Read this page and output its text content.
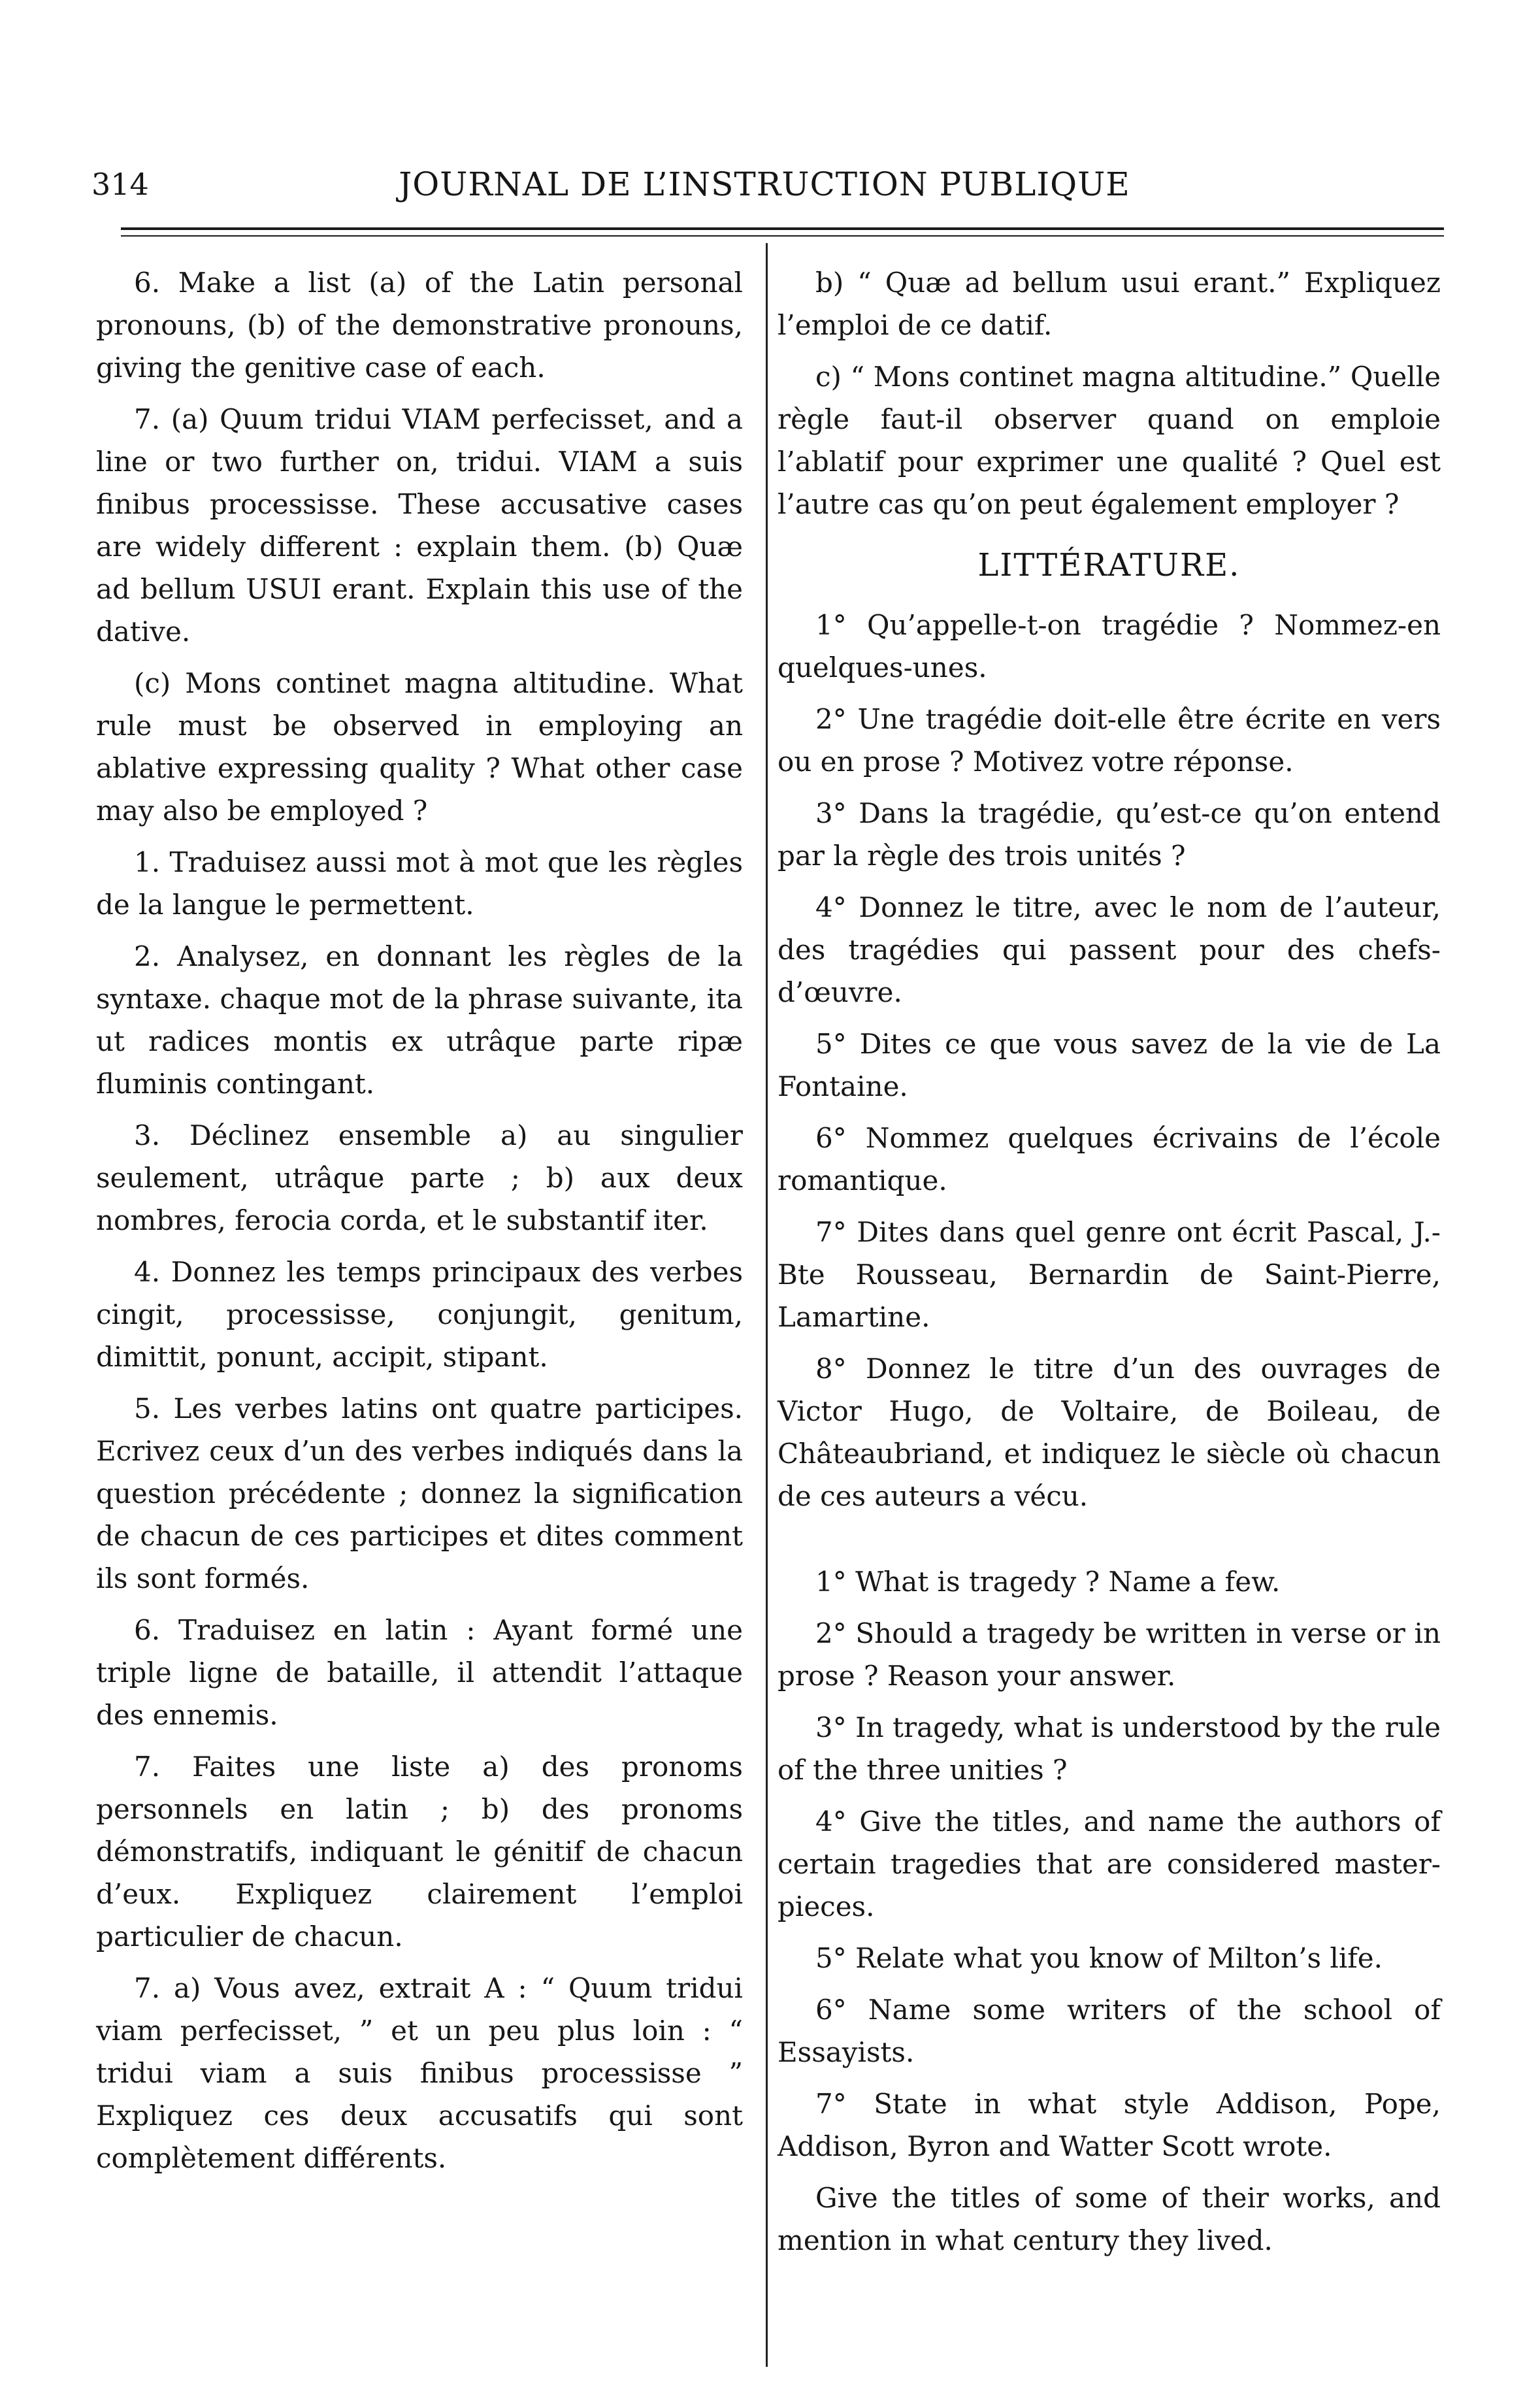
314	JOURNAL DE L’INSTRUCTION PUBLIQUE

6. Make a list (a) of the Latin personal pronouns, (b) of the demonstrative pronouns, giving the genitive case of each.

7. (a) Quum tridui VIAM perfecisset, and a line or two further on, tridui. VIAM a suis finibus processisse. These accusative cases are widely different : explain them. (b) Quæ ad bellum USUI erant. Explain this use of the dative.

(c) Mons continet magna altitudine. What rule must be observed in employing an ablative expressing quality ? What other case may also be employed ?

1. Traduisez aussi mot à mot que les règles de la langue le permettent.

2. Analysez, en donnant les règles de la syntaxe. chaque mot de la phrase suivante, ita ut radices montis ex utrâque parte ripæ fluminis contingant.

3. Déclinez ensemble a) au singulier seulement, utrâque parte ; b) aux deux nombres, ferocia corda, et le substantif iter.

4. Donnez les temps principaux des verbes cingit, processisse, conjungit, genitum, dimittit, ponunt, accipit, stipant.

5. Les verbes latins ont quatre participes. Ecrivez ceux d’un des verbes indiqués dans la question précédente ; donnez la signification de chacun de ces participes et dites comment ils sont formés.

6. Traduisez en latin : Ayant formé une triple ligne de bataille, il attendit l’attaque des ennemis.

7. Faites une liste a) des pronoms personnels en latin ; b) des pronoms démonstratifs, indiquant le génitif de chacun d’eux. Expliquez clairement l’emploi particulier de chacun.

7. a) Vous avez, extrait A : “ Quum tridui viam perfecisset, ” et un peu plus loin : “ tridui viam a suis finibus processisse ” Expliquez ces deux accusatifs qui sont complètement différents.

b) “ Quæ ad bellum usui erant.” Expliquez l’emploi de ce datif.

c) “ Mons continet magna altitudine.” Quelle règle faut-il observer quand on emploie l’ablatif pour exprimer une qualité ? Quel est l’autre cas qu’on peut également employer ?

LITTÉRATURE.

1° Qu’appelle-t-on tragédie ? Nommez-en quelques-unes.

2° Une tragédie doit-elle être écrite en vers ou en prose ? Motivez votre réponse.

3° Dans la tragédie, qu’est-ce qu’on entend par la règle des trois unités ?

4° Donnez le titre, avec le nom de l’auteur, des tragédies qui passent pour des chefs-d’œuvre.

5° Dites ce que vous savez de la vie de La Fontaine.

6° Nommez quelques écrivains de l’école romantique.

7° Dites dans quel genre ont écrit Pascal, J.-Bte Rousseau, Bernardin de Saint-Pierre, Lamartine.

8° Donnez le titre d’un des ouvrages de Victor Hugo, de Voltaire, de Boileau, de Châteaubriand, et indiquez le siècle où chacun de ces auteurs a vécu.

1° What is tragedy ? Name a few.

2° Should a tragedy be written in verse or in prose ? Reason your answer.

3° In tragedy, what is understood by the rule of the three unities ?

4° Give the titles, and name the authors of certain tragedies that are considered master-pieces.

5° Relate what you know of Milton’s life.

6° Name some writers of the school of Essayists.

7° State in what style Addison, Pope, Addison, Byron and Watter Scott wrote.

Give the titles of some of their works, and mention in what century they lived.
